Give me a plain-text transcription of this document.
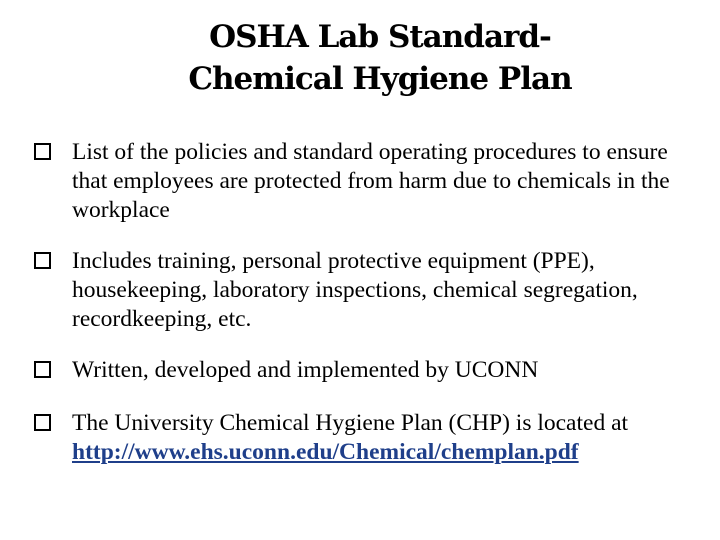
OSHA Lab Standard-
Chemical Hygiene Plan
List of the policies and standard operating procedures to ensure that employees are protected from harm due to chemicals in the workplace
Includes training, personal protective equipment (PPE), housekeeping, laboratory inspections, chemical segregation, recordkeeping, etc.
Written, developed and implemented by UCONN
The University Chemical Hygiene Plan (CHP) is located at http://www.ehs.uconn.edu/Chemical/chemplan.pdf
